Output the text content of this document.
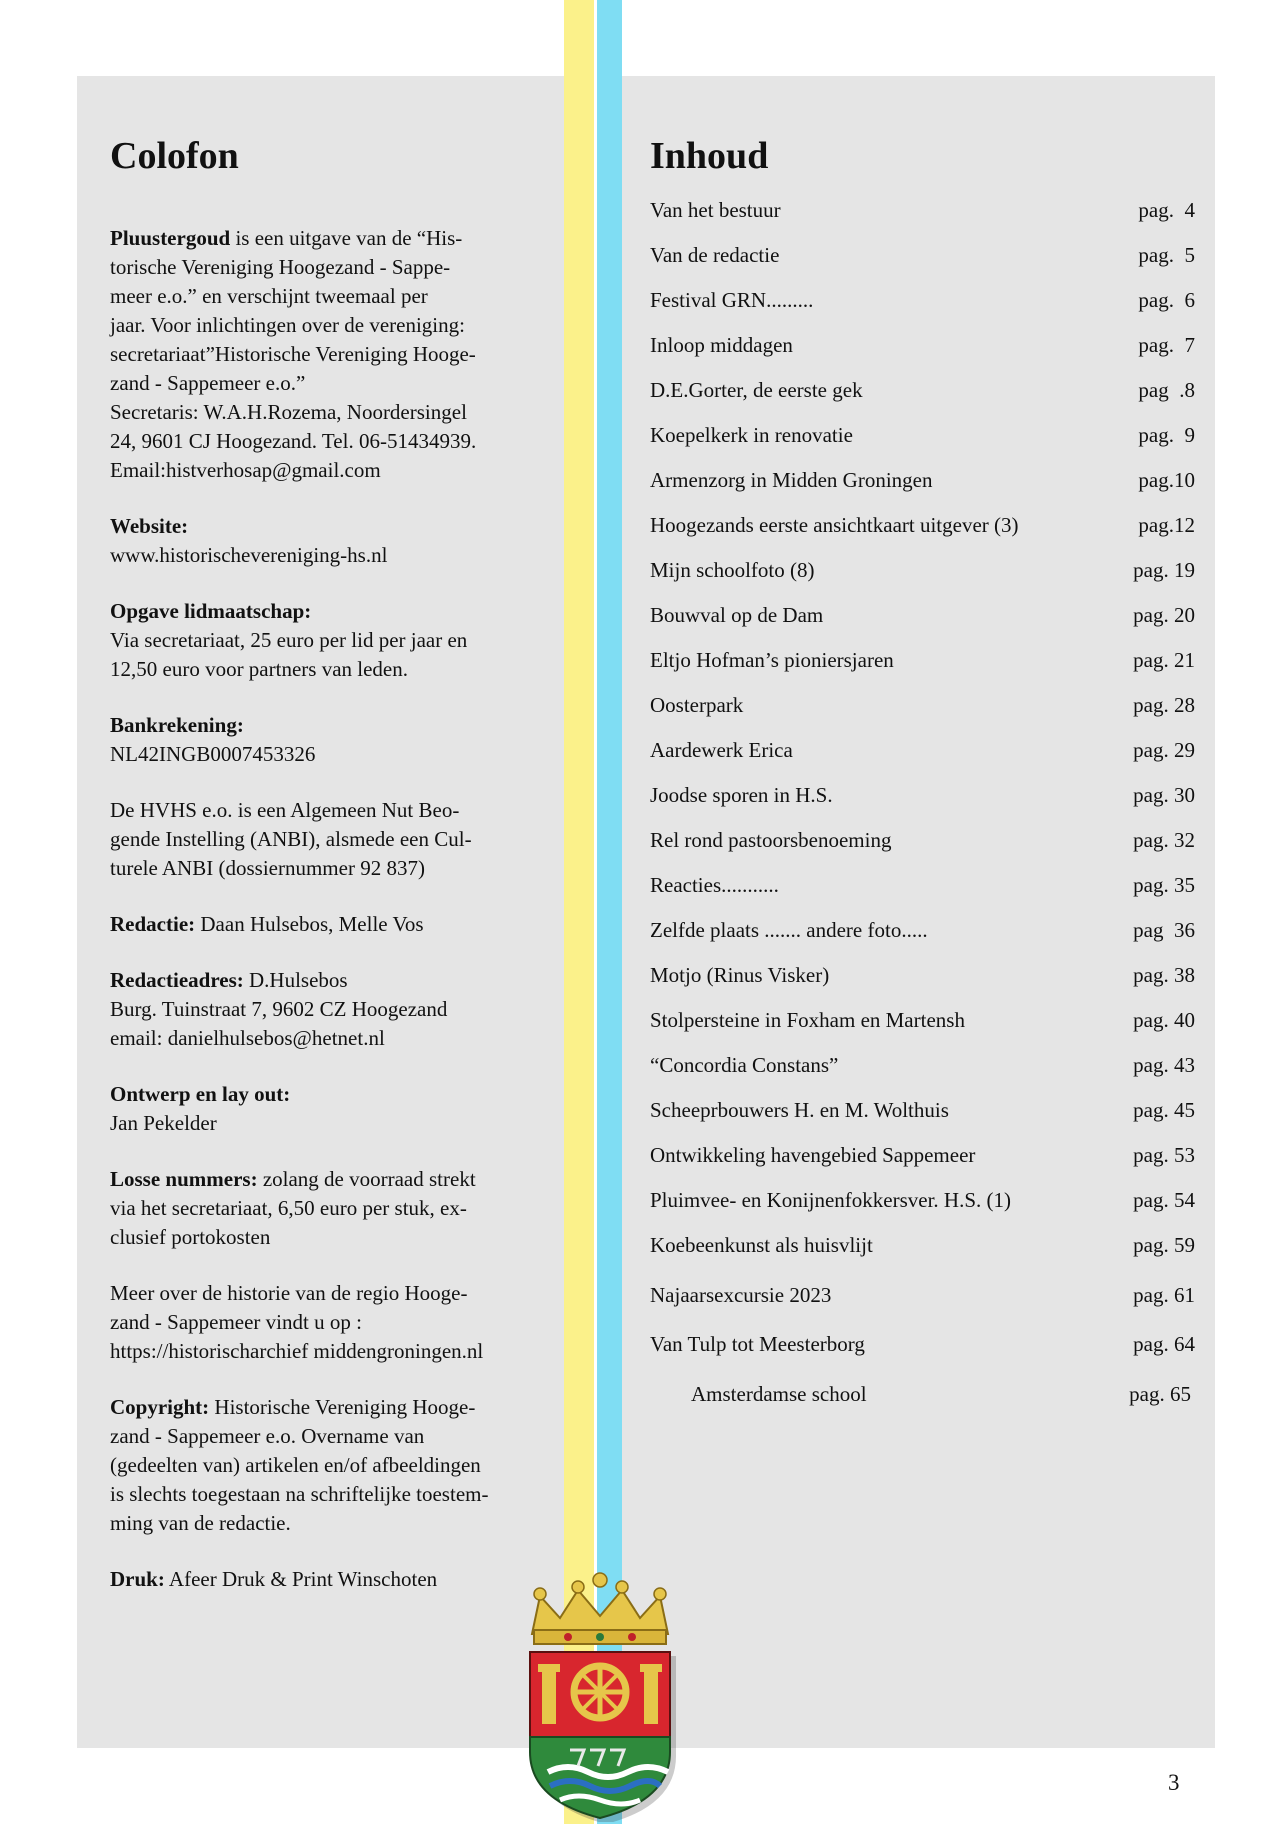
Colofon
Pluustergoud is een uitgave van de “His-
torische Vereniging Hoogezand - Sappe-
meer e.o.” en verschijnt tweemaal per
jaar. Voor inlichtingen over de vereniging:
secretariaat”Historische Vereniging Hooge-
zand - Sappemeer e.o.”
Secretaris: W.A.H.Rozema, Noordersingel
24, 9601 CJ Hoogezand. Tel. 06-51434939.
Email:histverhosap@gmail.com
Website:
www.historischevereniging-hs.nl
Opgave lidmaatschap:
Via secretariaat, 25 euro per lid per jaar en
12,50 euro voor partners van leden.
Bankrekening:
NL42INGB0007453326
De HVHS e.o. is een Algemeen Nut Beo-
gende Instelling (ANBI), alsmede een Cul-
turele ANBI (dossiernummer 92 837)
Redactie: Daan Hulsebos, Melle Vos
Redactieadres: D.Hulsebos
Burg. Tuinstraat 7, 9602 CZ Hoogezand
email: danielhulsebos@hetnet.nl
Ontwerp en lay out:
Jan Pekelder
Losse nummers: zolang de voorraad strekt
via het secretariaat, 6,50 euro per stuk, ex-
clusief portokosten
Meer over de historie van de regio Hooge-
zand - Sappemeer vindt u op :
https://historischarchief middengroningen.nl
Copyright: Historische Vereniging Hooge-
zand - Sappemeer e.o. Overname van
(gedeelten van) artikelen en/of afbeeldingen
is slechts toegestaan na schriftelijke toestem-
ming van de redactie.
Druk: Afeer Druk & Print Winschoten
Inhoud
Van het bestuur	pag.  4
Van de redactie	pag.  5
Festival GRN.........	pag.  6
Inloop middagen	pag.  7
D.E.Gorter, de eerste gek	pag  .8
Koepelkerk in renovatie	pag.  9
Armenzorg in Midden Groningen	pag.10
Hoogezands eerste ansichtkaart uitgever (3)	pag.12
Mijn schoolfoto (8)	pag. 19
Bouwval op de Dam	pag. 20
Eltjo Hofman’s pioniersjaren	pag. 21
Oosterpark	pag. 28
Aardewerk Erica	pag. 29
Joodse sporen in H.S.	pag. 30
Rel rond pastoorsbenoeming	pag. 32
Reacties...........	pag. 35
Zelfde plaats ....... andere foto.....	pag  36
Motjo (Rinus Visker)	pag. 38
Stolpersteine in Foxham en Martensh	pag. 40
“Concordia Constans”	pag. 43
Scheeprbouwers H. en M. Wolthuis	pag. 45
Ontwikkeling havengebied Sappemeer	pag. 53
Pluimvee- en Konijnenfokkersver. H.S. (1)	pag. 54
Koebeenkunst als huisvlijt	pag. 59
Najaarsexcursie 2023	pag. 61
Van Tulp tot Meesterborg	pag. 64
Amsterdamse school	pag. 65
3
